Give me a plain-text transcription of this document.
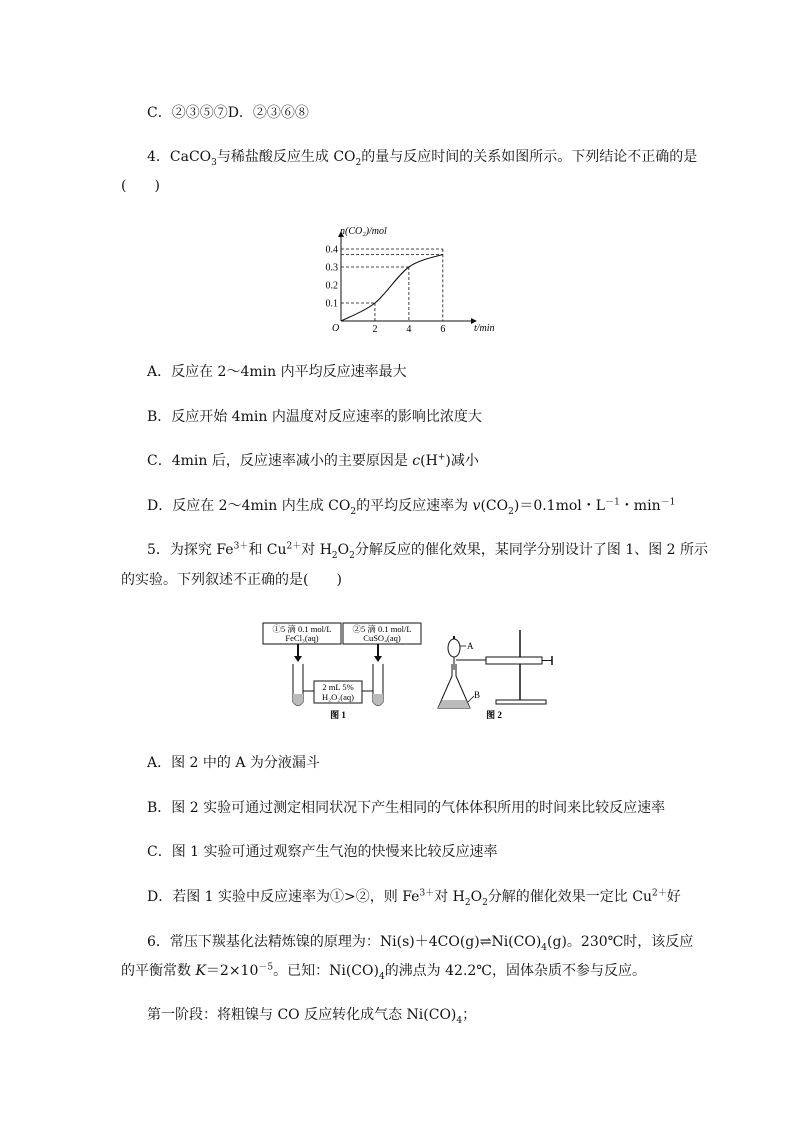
C．②③⑤⑦D．②③⑥⑧
4．CaCO$_3$与稀盐酸反应生成 $CO_2$的量与反应时间的关系如图所示。下列结论不正确的是
(　　)
0.1
0.2
0.3
0.4
2	4	6
n(CO₂)/mol
t/min
O
A．反应在 2～4min 内平均反应速率最大
B．反应开始 4min 内温度对反应速率的影响比浓度大
C．4min 后，反应速率减小的主要原因是 c(H+)减小
D．反应在 2～4min 内生成 $CO_2$的平均反应速率为 $v(CO_2)=0.1mol$・$L^{-1}$・$\min^{-1}$
5．为探究 $Fe^{3+}$和 $Cu^{2+}$对 $H_2O_2$分解反应的催化效果，某同学分别设计了图 1、图 2 所示
的实验。下列叙述不正确的是(　　)
①5 滴 0.1 mol/L
FeCl₃(aq)
②5 滴 0.1 mol/L
CuSO₄(aq)
2 mL 5%
H₂O₂(aq)
图 1
A
B
图 2
A．图 2 中的 A 为分液漏斗
B．图 2 实验可通过测定相同状况下产生相同的气体体积所用的时间来比较反应速率
C．图 1 实验可通过观察产生气泡的快慢来比较反应速率
D．若图 1 实验中反应速率为①>②，则 $Fe^{3+}$对 $H_2O_2$分解的催化效果一定比 $Cu^{2+}$好
6．常压下羰基化法精炼镍的原理为：$Ni(s)+4CO(g)\rightleftharpoons Ni(CO)_4(g)$。230℃时，该反应
的平衡常数 $K=2\times 10^{-5}$。已知：$Ni(CO)_4$的沸点为 42.2℃，固体杂质不参与反应。
第一阶段：将粗镍与 CO 反应转化成气态 $Ni(CO)_4$；
